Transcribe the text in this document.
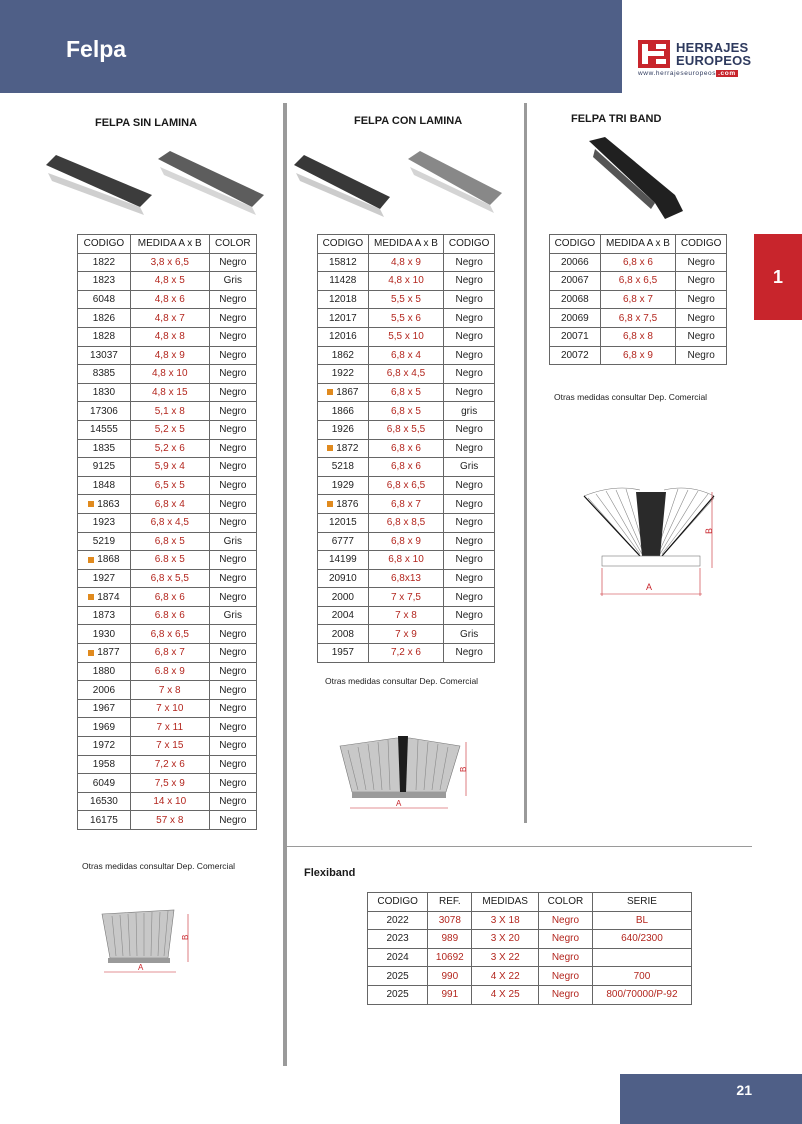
Felpa	HERRAJES
EUROPEOS
www.herrajeseuropeos .com
1
FELPA SIN LAMINA	FELPA CON LAMINA	FELPA TRI BAND
Flexiband
CODIGO	MEDIDA A x B	COLOR
1822	3,8 x 6,5	Negro
1823	4,8 x 5	Gris
6048	4,8 x 6	Negro
1826	4,8 x 7	Negro
1828	4,8 x 8	Negro
13037	4,8 x 9	Negro
8385	4,8 x 10	Negro
1830	4,8 x 15	Negro
17306	5,1 x 8	Negro
14555	5,2 x 5	Negro
1835	5,2 x 6	Negro
9125	5,9 x 4	Negro
1848	6,5 x 5	Negro
1863	6,8 x 4	Negro
1923	6,8 x 4,5	Negro
5219	6,8 x 5	Gris
1868	6.8 x 5	Negro
1927	6,8 x 5,5	Negro
1874	6,8 x 6	Negro
1873	6.8 x 6	Gris
1930	6,8 x 6,5	Negro
1877	6,8 x 7	Negro
1880	6.8 x 9	Negro
2006	7 x 8	Negro
1967	7 x 10	Negro
1969	7 x 11	Negro
1972	7 x 15	Negro
1958	7,2 x 6	Negro
6049	7,5 x 9	Negro
16530	14 x 10	Negro
16175	57 x 8	Negro
Otras medidas consultar Dep. Comercial
CODIGO	MEDIDA A x B	CODIGO
15812	4,8 x 9	Negro
11428	4,8 x 10	Negro
12018	5,5 x 5	Negro
12017	5,5 x 6	Negro
12016	5,5 x 10	Negro
1862	6,8 x 4	Negro
1922	6,8 x 4,5	Negro
1867	6,8 x 5	Negro
1866	6,8 x 5	gris
1926	6,8 x 5,5	Negro
1872	6,8 x 6	Negro
5218	6,8 x 6	Gris
1929	6,8 x 6,5	Negro
1876	6,8 x 7	Negro
12015	6,8 x 8,5	Negro
6777	6,8 x 9	Negro
14199	6,8 x 10	Negro
20910	6,8x13	Negro
2000	7 x 7,5	Negro
2004	7 x 8	Negro
2008	7 x 9	Gris
1957	7,2 x 6	Negro
Otras medidas consultar Dep. Comercial
CODIGO	MEDIDA A x B	CODIGO
20066	6,8 x 6	Negro
20067	6,8 x 6,5	Negro
20068	6,8 x 7	Negro
20069	6,8 x 7,5	Negro
20071	6,8 x 8	Negro
20072	6,8 x 9	Negro
Otras medidas consultar Dep. Comercial
CODIGO	REF.	MEDIDAS	COLOR	SERIE
2022	3078	3 X 18	Negro	BL
2023	989	3 X 20	Negro	640/2300
2024	10692	3 X 22	Negro	
2025	990	4 X 22	Negro	700
2025	991	4 X 25	Negro	800/70000/P-92
B
A
B
A
B
A
21
